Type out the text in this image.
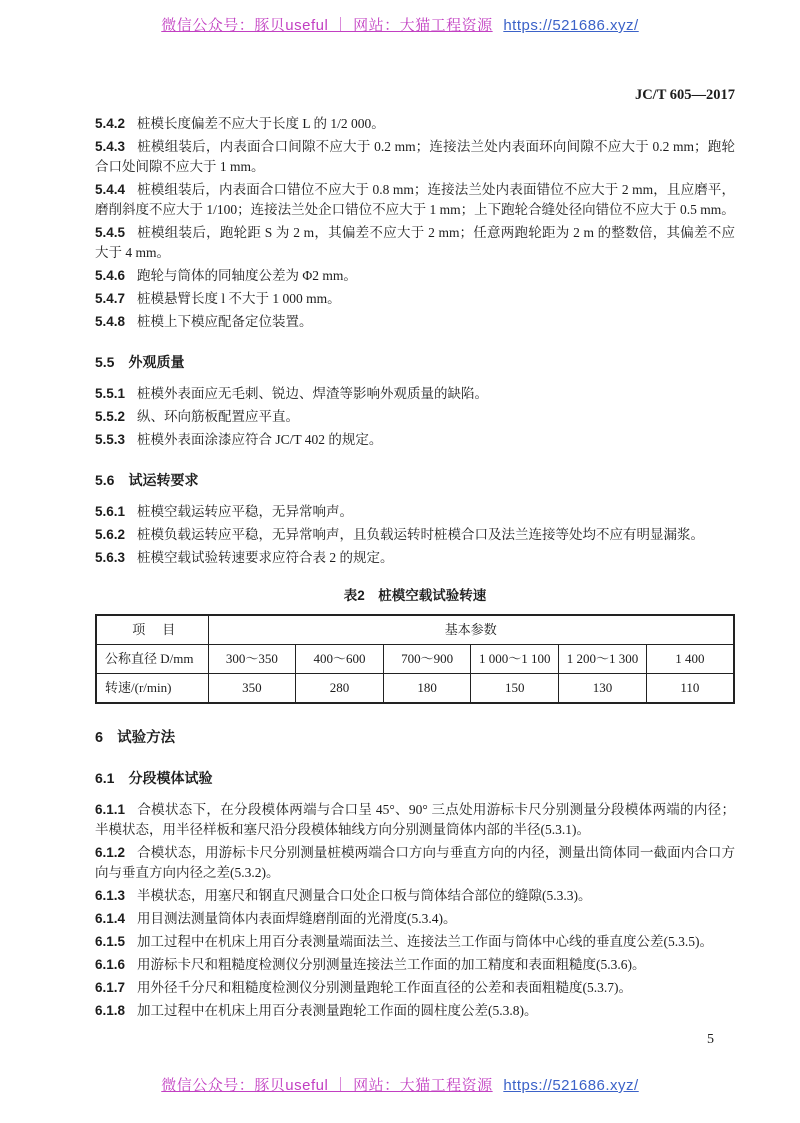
微信公众号：豚贝useful ｜ 网站：大猫工程资源 https://521686.xyz/
JC/T 605—2017

5.4.2 桩模长度偏差不应大于长度 L 的 1/2 000。

5.4.3 桩模组装后，内表面合口间隙不应大于 0.2 mm；连接法兰处内表面环向间隙不应大于 0.2 mm；跑轮合口处间隙不应大于 1 mm。

5.4.4 桩模组装后，内表面合口错位不应大于 0.8 mm；连接法兰处内表面错位不应大于 2 mm，且应磨平，磨削斜度不应大于 1/100；连接法兰处企口错位不应大于 1 mm；上下跑轮合缝处径向错位不应大于 0.5 mm。

5.4.5 桩模组装后，跑轮距 S 为 2 m，其偏差不应大于 2 mm；任意两跑轮距为 2 m 的整数倍，其偏差不应大于 4 mm。

5.4.6 跑轮与筒体的同轴度公差为 Φ2 mm。

5.4.7 桩模悬臂长度 l 不大于 1 000 mm。

5.4.8 桩模上下模应配备定位装置。

5.5 外观质量

5.5.1 桩模外表面应无毛刺、锐边、焊渣等影响外观质量的缺陷。

5.5.2 纵、环向筋板配置应平直。

5.5.3 桩模外表面涂漆应符合 JC/T 402 的规定。

5.6 试运转要求

5.6.1 桩模空载运转应平稳，无异常响声。

5.6.2 桩模负载运转应平稳，无异常响声，且负载运转时桩模合口及法兰连接等处均不应有明显漏浆。

5.6.3 桩模空载试验转速要求应符合表 2 的规定。

表2　桩模空载试验转速
项　目	基本参数					
公称直径 D/mm	300～350	400～600	700～900	1 000～1 100	1 200～1 300	1 400
转速/(r/min)	350	280	180	150	130	110
6 试验方法
6.1 分段模体试验

6.1.1 合模状态下，在分段模体两端与合口呈 45°、90° 三点处用游标卡尺分别测量分段模体两端的内径；半模状态，用半径样板和塞尺沿分段模体轴线方向分别测量筒体内部的半径(5.3.1)。

6.1.2 合模状态，用游标卡尺分别测量桩模两端合口方向与垂直方向的内径，测量出筒体同一截面内合口方向与垂直方向内径之差(5.3.2)。

6.1.3 半模状态，用塞尺和钢直尺测量合口处企口板与筒体结合部位的缝隙(5.3.3)。

6.1.4 用目测法测量筒体内表面焊缝磨削面的光滑度(5.3.4)。

6.1.5 加工过程中在机床上用百分表测量端面法兰、连接法兰工作面与筒体中心线的垂直度公差(5.3.5)。

6.1.6 用游标卡尺和粗糙度检测仪分别测量连接法兰工作面的加工精度和表面粗糙度(5.3.6)。

6.1.7 用外径千分尺和粗糙度检测仪分别测量跑轮工作面直径的公差和表面粗糙度(5.3.7)。

6.1.8 加工过程中在机床上用百分表测量跑轮工作面的圆柱度公差(5.3.8)。

5
微信公众号：豚贝useful ｜ 网站：大猫工程资源 https://521686.xyz/
